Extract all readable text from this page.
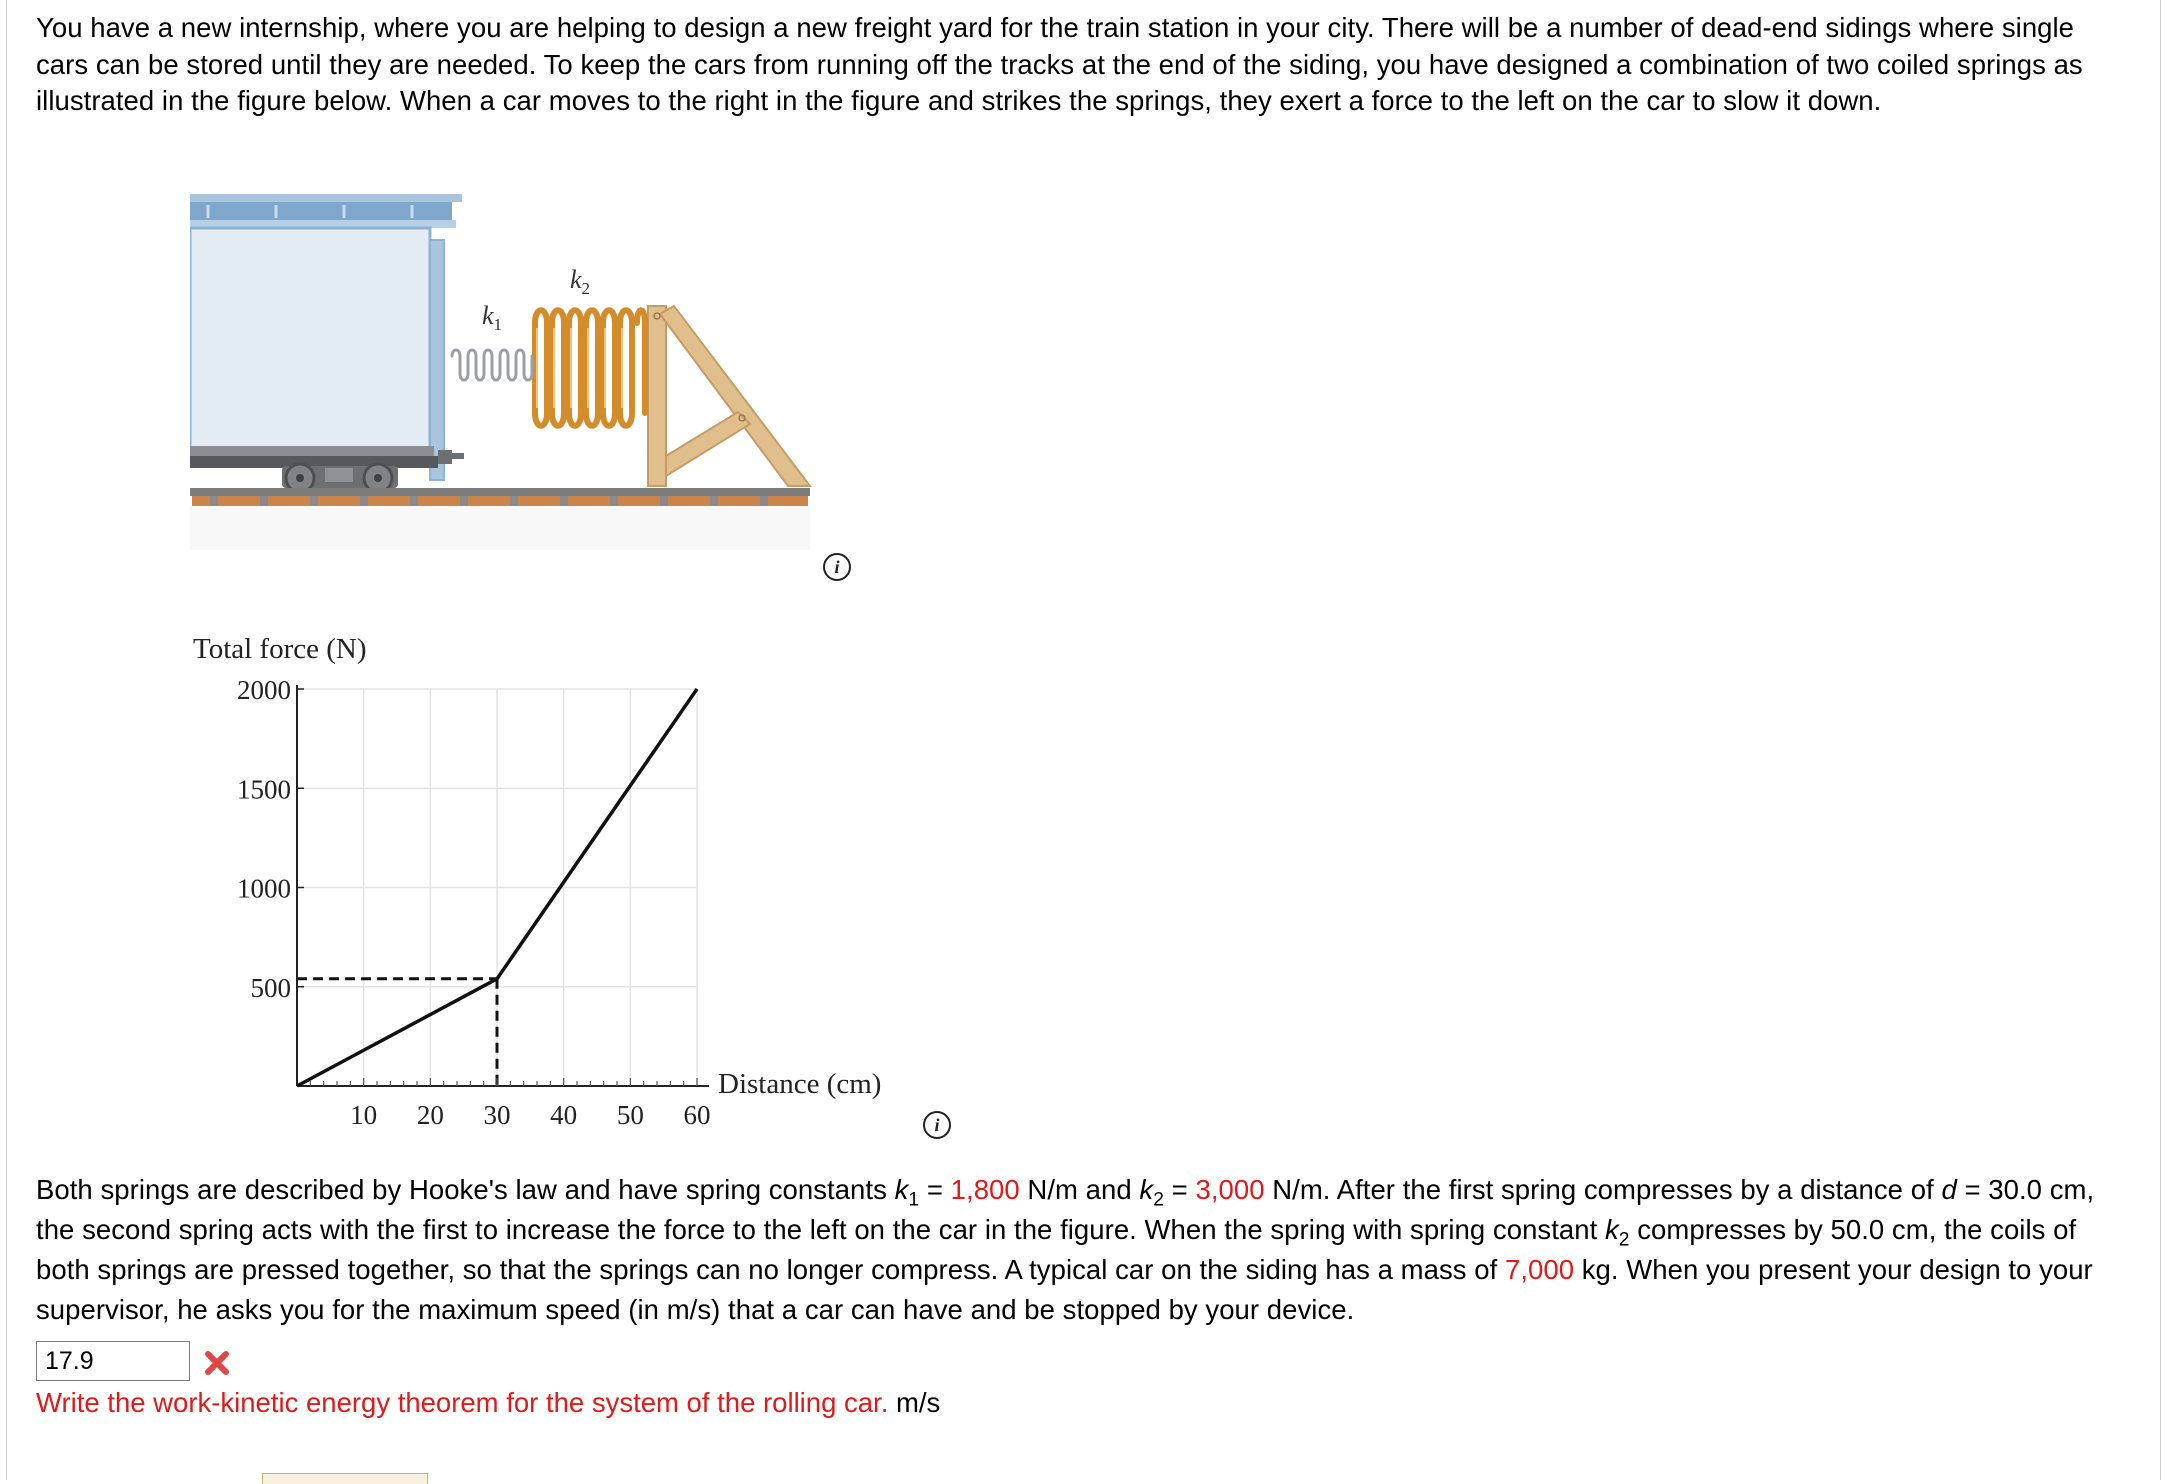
You have a new internship, where you are helping to design a new freight yard for the train station in your city. There will be a number of dead-end sidings where single cars can be stored until they are needed. To keep the cars from running off the tracks at the end of the siding, you have designed a combination of two coiled springs as illustrated in the figure below. When a car moves to the right in the figure and strikes the springs, they exert a force to the left on the car to slow it down.
$k_1$
$k_2$
i
Total force (N)
500
1000
1500
2000
10 20 30 40 50 60
Distance (cm)
i
Both springs are described by Hooke's law and have spring constants $k_1 = 1,800$ N/m and $k_2 = 3,000$ N/m. After the first spring compresses by a distance of d = 30.0 cm, the second spring acts with the first to increase the force to the left on the car in the figure. When the spring with spring constant $k_2$ compresses by 50.0 cm, the coils of both springs are pressed together, so that the springs can no longer compress. A typical car on the siding has a mass of 7,000 kg. When you present your design to your supervisor, he asks you for the maximum speed (in m/s) that a car can have and be stopped by your device.
17.9
Write the work-kinetic energy theorem for the system of the rolling car. m/s
